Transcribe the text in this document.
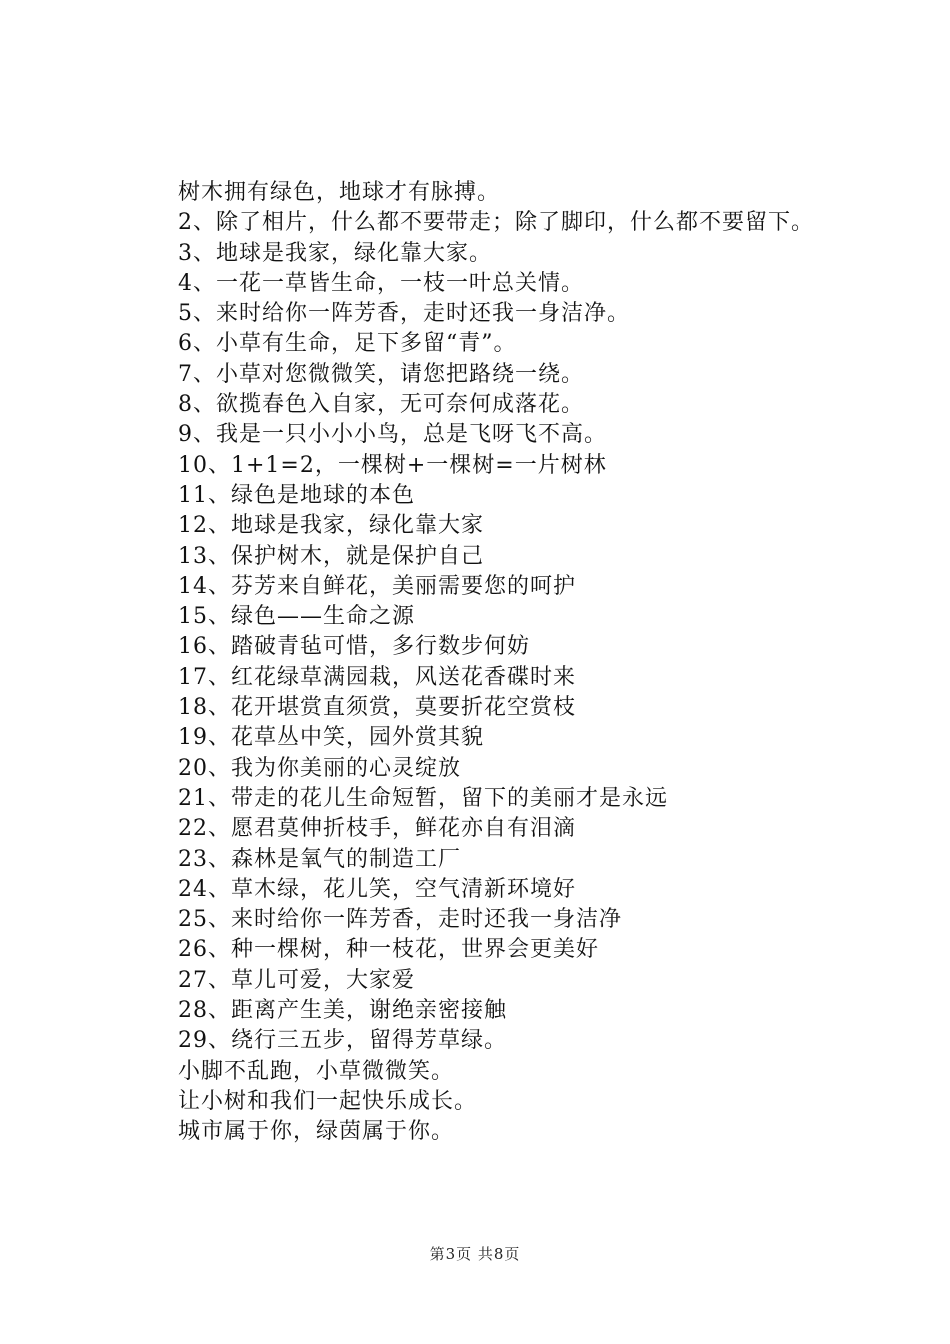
树木拥有绿色，地球才有脉搏。
2、除了相片，什么都不要带走；除了脚印，什么都不要留下。
3、地球是我家，绿化靠大家。
4、一花一草皆生命，一枝一叶总关情。
5、来时给你一阵芳香，走时还我一身洁净。
6、小草有生命，足下多留“青”。
7、小草对您微微笑，请您把路绕一绕。
8、欲揽春色入自家，无可奈何成落花。
9、我是一只小小小鸟，总是飞呀飞不高。
10、1+1=2，一棵树+一棵树=一片树林
11、绿色是地球的本色
12、地球是我家，绿化靠大家
13、保护树木，就是保护自己
14、芬芳来自鲜花，美丽需要您的呵护
15、绿色——生命之源
16、踏破青毡可惜，多行数步何妨
17、红花绿草满园栽，风送花香碟时来
18、花开堪赏直须赏，莫要折花空赏枝
19、花草丛中笑，园外赏其貌
20、我为你美丽的心灵绽放
21、带走的花儿生命短暂，留下的美丽才是永远
22、愿君莫伸折枝手，鲜花亦自有泪滴
23、森林是氧气的制造工厂
24、草木绿，花儿笑，空气清新环境好
25、来时给你一阵芳香，走时还我一身洁净
26、种一棵树，种一枝花，世界会更美好
27、草儿可爱，大家爱
28、距离产生美，谢绝亲密接触
29、绕行三五步，留得芳草绿。
小脚不乱跑，小草微微笑。
让小树和我们一起快乐成长。
城市属于你，绿茵属于你。
第3页 共8页
